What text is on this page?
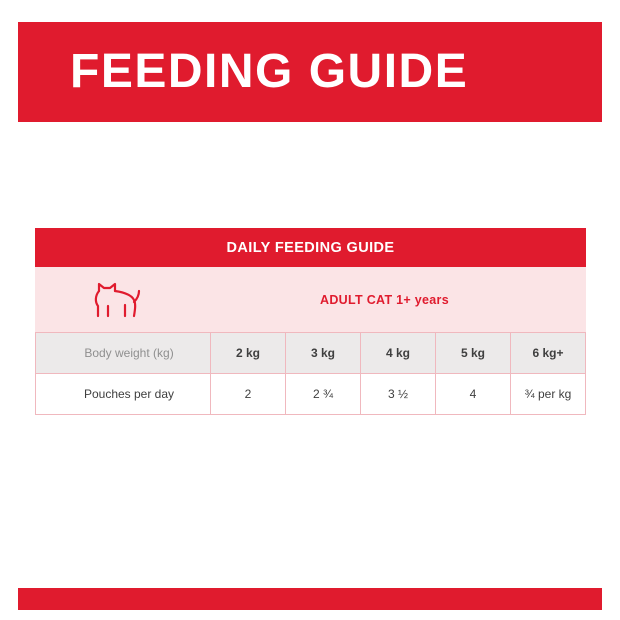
FEEDING GUIDE
DAILY FEEDING GUIDE
ADULT CAT 1+ years
Body weight (kg)	2 kg	3 kg	4 kg	5 kg	6 kg+
Pouches per day	2	2 ¾	3 ½	4	¾ per kg
